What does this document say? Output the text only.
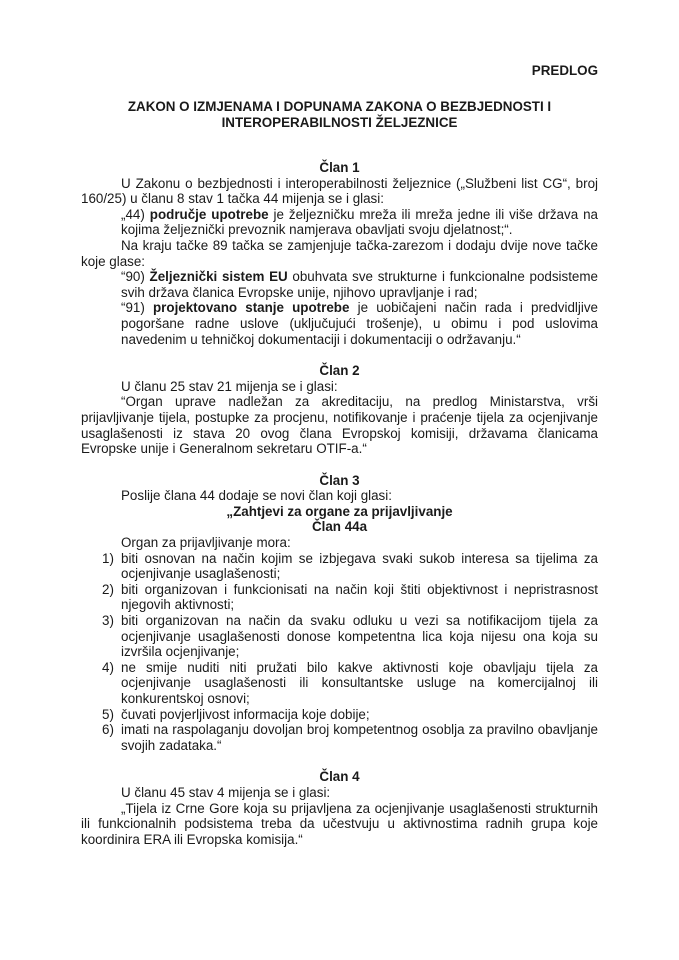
PREDLOG
ZAKON O IZMJENAMA I DOPUNAMA ZAKONA O BEZBJEDNOSTI I
INTEROPERABILNOSTI ŽELJEZNICE
Član 1

U Zakonu o bezbjednosti i interoperabilnosti željeznice („Službeni list CG“, broj 160/25) u članu 8 stav 1 tačka 44 mijenja se i glasi:

„44) područje upotrebe je željezničku mreža ili mreža jedne ili više država na kojima željeznički prevoznik namjerava obavljati svoju djelatnost;“.

Na kraju tačke 89 tačka se zamjenjuje tačka-zarezom i dodaju dvije nove tačke koje glase:

“90) Željeznički sistem EU obuhvata sve strukturne i funkcionalne podsisteme svih država članica Evropske unije, njihovo upravljanje i rad;

“91) projektovano stanje upotrebe je uobičajeni način rada i predvidljive pogoršane radne uslove (uključujući trošenje), u obimu i pod uslovima navedenim u tehničkoj dokumentaciji i dokumentaciji o održavanju.“

Član 2

U članu 25 stav 21 mijenja se i glasi:

“Organ uprave nadležan za akreditaciju, na predlog Ministarstva, vrši prijavljivanje tijela, postupke za procjenu, notifikovanje i praćenje tijela za ocjenjivanje usaglašenosti iz stava 20 ovog člana Evropskoj komisiji, državama članicama Evropske unije i Generalnom sekretaru OTIF-a.“

Član 3

Poslije člana 44 dodaje se novi član koji glasi:

„Zahtjevi za organe za prijavljivanje
Član 44a

Organ za prijavljivanje mora:

1) biti osnovan na način kojim se izbjegava svaki sukob interesa sa tijelima za ocjenjivanje usaglašenosti;
2) biti organizovan i funkcionisati na način koji štiti objektivnost i nepristrasnost njegovih aktivnosti;
3) biti organizovan na način da svaku odluku u vezi sa notifikacijom tijela za ocjenjivanje usaglašenosti donose kompetentna lica koja nijesu ona koja su izvršila ocjenjivanje;
4) ne smije nuditi niti pružati bilo kakve aktivnosti koje obavljaju tijela za ocjenjivanje usaglašenosti ili konsultantske usluge na komercijalnoj ili konkurentskoj osnovi;
5) čuvati povjerljivost informacija koje dobije;
6) imati na raspolaganju dovoljan broj kompetentnog osoblja za pravilno obavljanje svojih zadataka.“
Član 4

U članu 45 stav 4 mijenja se i glasi:

„Tijela iz Crne Gore koja su prijavljena za ocjenjivanje usaglašenosti strukturnih ili funkcionalnih podsistema treba da učestvuju u aktivnostima radnih grupa koje koordinira ERA ili Evropska komisija.“
